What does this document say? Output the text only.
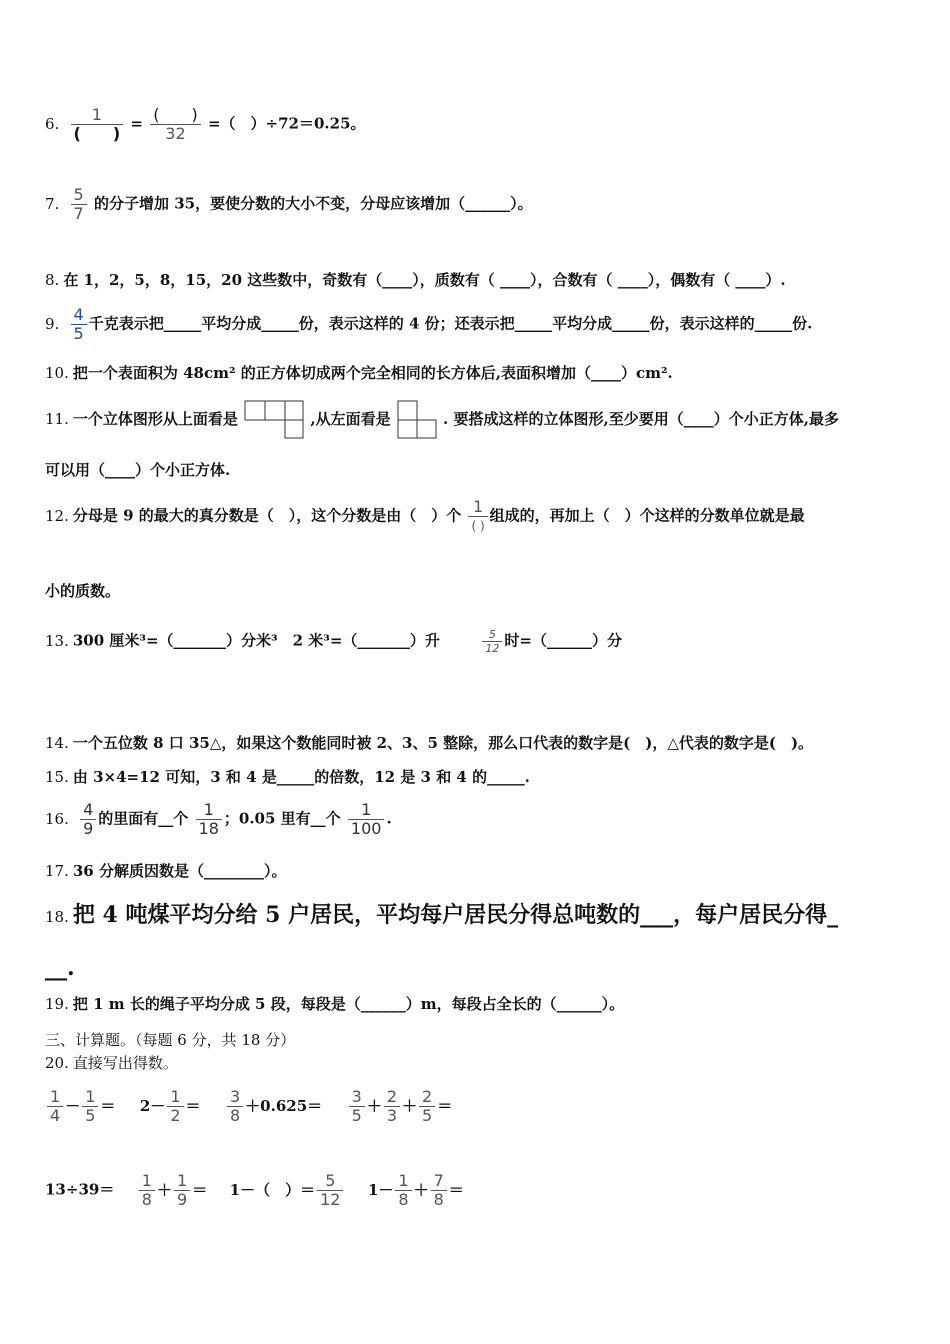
6.	1
(　　)
= (　　)
32
=（　）÷72＝0.25。
7. $\frac{5}{7}$ 的分子增加 35，要使分数的大小不变，分母应该增加（______）。
8. 在 1，2，5，8，15，20 这些数中，奇数有（____），质数有（ ____），合数有（ ____），偶数有（ ____）.
9. $\frac{4}{5}$ 千克表示把_____平均分成_____份，表示这样的 4 份；还表示把_____平均分成_____份，表示这样的_____份.
10. 把一个表面积为 48cm² 的正方体切成两个完全相同的长方体后,表面积增加（____）cm².
11. 一个立体图形从上面看是	,从左面看是	. 要搭成这样的立体图形,至少要用（____）个小正方体,最多
可以用（____）个小正方体.
12. 分母是 9 的最大的真分数是（　），这个分数是由（　）个 1
( )
组成的，再加上（　）个这样的分数单位就是最
小的质数。
13. 300 厘米³=（_______）分米³　2 米³=（_______）升	$\frac{5}{12}$ 时=（______）分
14. 一个五位数 8 口 35△，如果这个数能同时被 2、3、5 整除，那么口代表的数字是(　)，△代表的数字是(　)。
15. 由 3×4=12 可知，3 和 4 是_____的倍数，12 是 3 和 4 的_____.
16. $\frac{4}{9}$ 的里面有__个 $\frac{1}{18}$ ；0.05 里有__个 $\frac{1}{100}$ .
17. 36 分解质因数是（________）。
18. 把 4 吨煤平均分给 5 户居民，平均每户居民分得总吨数的___，每户居民分得_
__.
19. 把 1 m 长的绳子平均分成 5 段，每段是（______）m，每段占全长的（______）。
三、计算题。（每题 6 分，共 18 分）
20. 直接写出得数。
$\frac{1}{4} - \frac{1}{5} = 2- \frac{1}{2} = \frac{3}{8} +0.625= \frac{3}{5} + \frac{2}{3} + \frac{2}{5}$ ＝
$13\div 39= \frac{1}{8} + \frac{1}{9} = 1-$（　）＝ $\frac{5}{12} 1- \frac{1}{8} + \frac{7}{8}$ ＝
